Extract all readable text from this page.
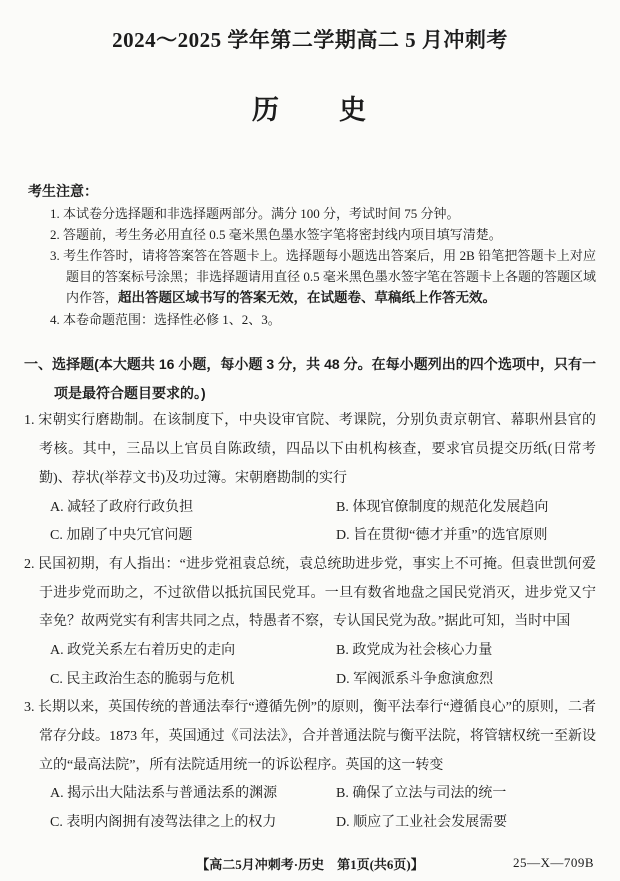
2024～2025 学年第二学期高二 5 月冲刺考
历　　史
考生注意：
1. 本试卷分选择题和非选择题两部分。满分 100 分，考试时间 75 分钟。
2. 答题前，考生务必用直径 0.5 毫米黑色墨水签字笔将密封线内项目填写清楚。
3. 考生作答时，请将答案答在答题卡上。选择题每小题选出答案后，用 2B 铅笔把答题卡上对应题目的答案标号涂黑；非选择题请用直径 0.5 毫米黑色墨水签字笔在答题卡上各题的答题区域内作答，超出答题区域书写的答案无效，在试题卷、草稿纸上作答无效。
4. 本卷命题范围：选择性必修 1、2、3。
一、选择题(本大题共 16 小题，每小题 3 分，共 48 分。在每小题列出的四个选项中，只有一项是最符合题目要求的。)
1. 宋朝实行磨勘制。在该制度下，中央设审官院、考课院，分别负责京朝官、幕职州县官的考核。其中，三品以上官员自陈政绩，四品以下由机构核查，要求官员提交历纸(日常考勤)、荐状(举荐文书)及功过簿。宋朝磨勘制的实行
A. 减轻了政府行政负担	B. 体现官僚制度的规范化发展趋向
C. 加剧了中央冗官问题	D. 旨在贯彻“德才并重”的选官原则
2. 民国初期，有人指出：“进步党祖袁总统，袁总统助进步党，事实上不可掩。但袁世凯何爱于进步党而助之，不过欲借以抵抗国民党耳。一旦有数省地盘之国民党消灭，进步党又宁幸免？故两党实有利害共同之点，特愚者不察，专认国民党为敌。”据此可知，当时中国
A. 政党关系左右着历史的走向	B. 政党成为社会核心力量
C. 民主政治生态的脆弱与危机	D. 军阀派系斗争愈演愈烈
3. 长期以来，英国传统的普通法奉行“遵循先例”的原则，衡平法奉行“遵循良心”的原则，二者常存分歧。1873 年，英国通过《司法法》，合并普通法院与衡平法院，将管辖权统一至新设立的“最高法院”，所有法院适用统一的诉讼程序。英国的这一转变
A. 揭示出大陆法系与普通法系的渊源	B. 确保了立法与司法的统一
C. 表明内阁拥有凌驾法律之上的权力	D. 顺应了工业社会发展需要
【高二5月冲刺考·历史　第1页(共6页)】	25—X—709B
